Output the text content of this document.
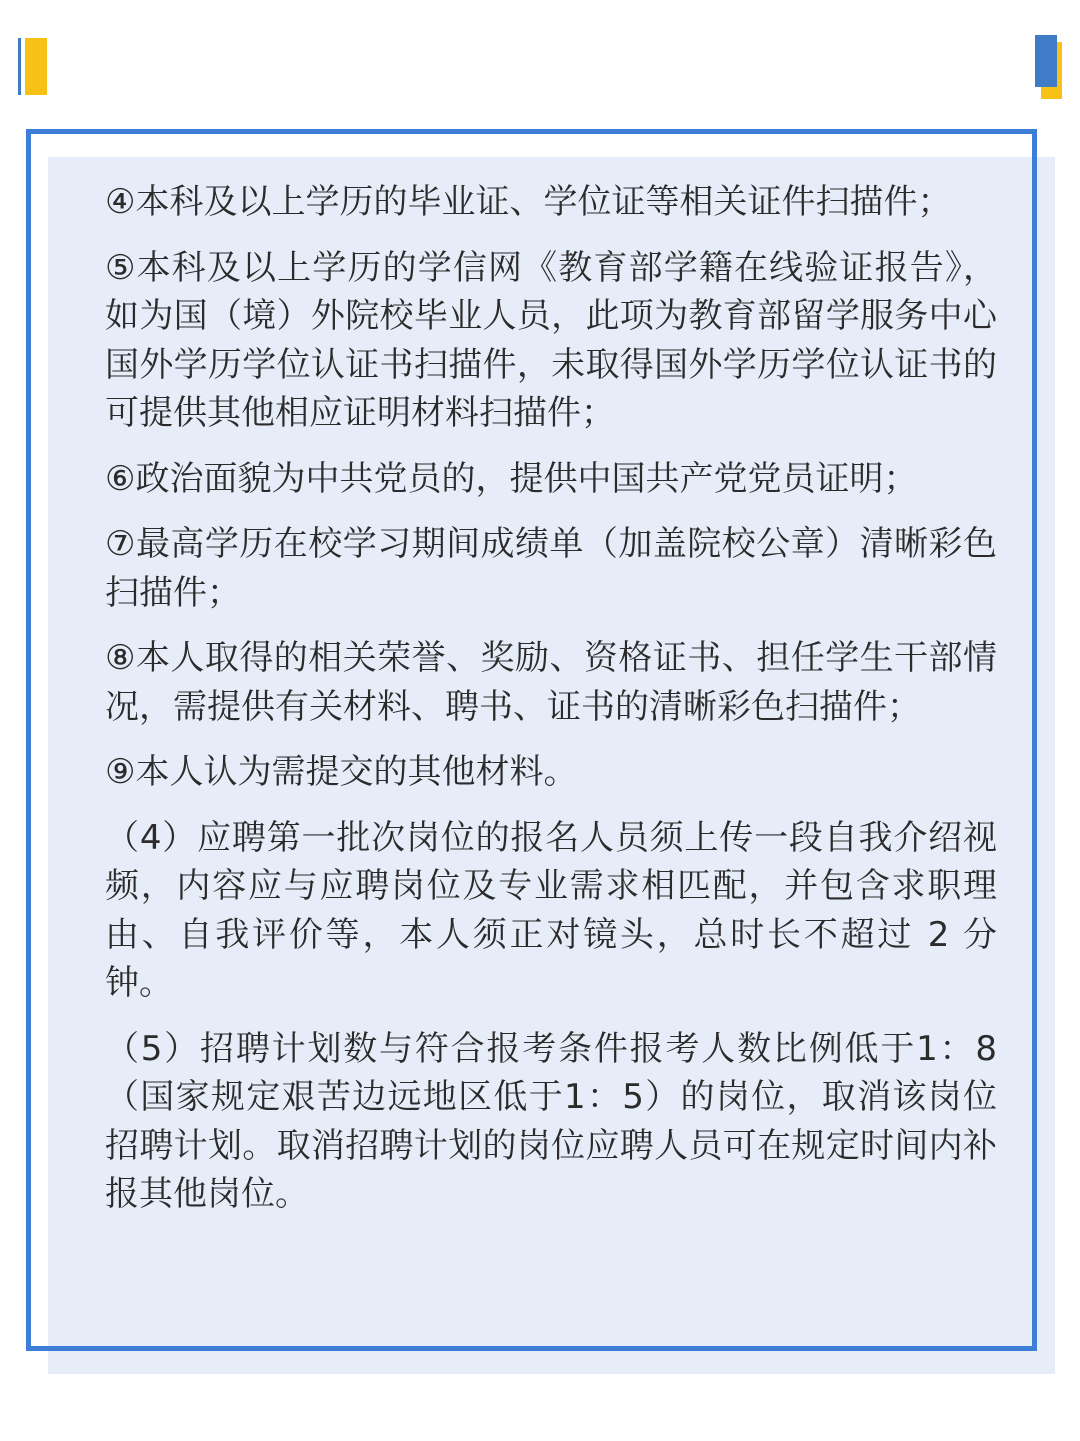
④本科及以上学历的毕业证、学位证等相关证件扫描件；

⑤本科及以上学历的学信网《教育部学籍在线验证报告》，如为国（境）外院校毕业人员，此项为教育部留学服务中心国外学历学位认证书扫描件，未取得国外学历学位认证书的可提供其他相应证明材料扫描件；

⑥政治面貌为中共党员的，提供中国共产党党员证明；

⑦最高学历在校学习期间成绩单（加盖院校公章）清晰彩色扫描件；

⑧本人取得的相关荣誉、奖励、资格证书、担任学生干部情况，需提供有关材料、聘书、证书的清晰彩色扫描件；

⑨本人认为需提交的其他材料。

（4）应聘第一批次岗位的报名人员须上传一段自我介绍视频，内容应与应聘岗位及专业需求相匹配，并包含求职理由、自我评价等，本人须正对镜头，总时长不超过 2 分钟。

（5）招聘计划数与符合报考条件报考人数比例低于1：8（国家规定艰苦边远地区低于1：5）的岗位，取消该岗位招聘计划。取消招聘计划的岗位应聘人员可在规定时间内补报其他岗位。
